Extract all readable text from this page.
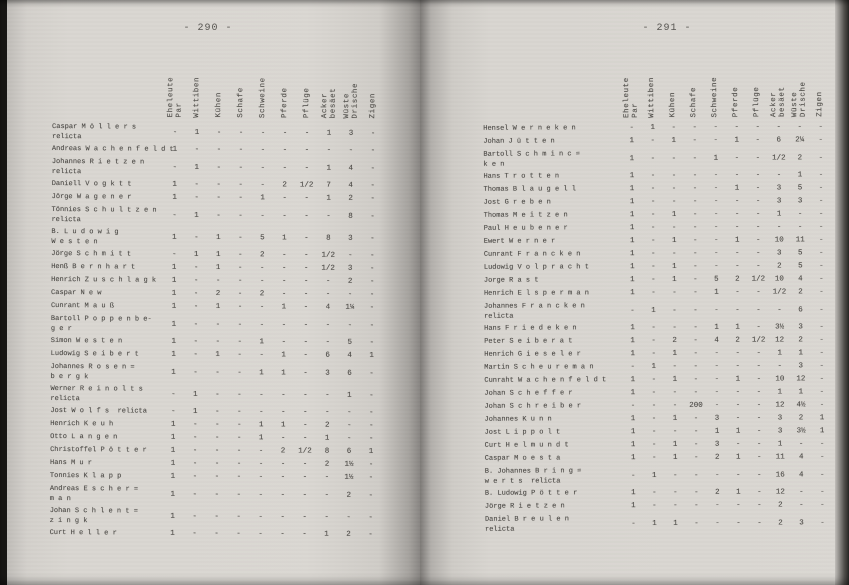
- 290 -
Eheleute
Par Wittiben Kühen Schafe Schweine Pferde Pflüge Acker
besäet Wüste
Drische Zigen
Caspar M ö l l e r s
relicta	-	1	-	-	-	-	-	1	3	-
Andreas W a c h e n f e l d t
1	-	-	-	-	-	-	-	-	-
Johannes R i e t z e n
relicta	-	1	-	-	-	-	-	1	4	-
Daniell V o g k t t	1	-	-	-	-	2	1/2	7	4	-
Jörge W a g e n e r	1	-	-	-	1	-	-	1	2	-
Tönnies S c h u l t z e n
relicta	-	1	-	-	-	-	-	-	8	-
B. L u d o w i g
W e s t e n	1	-	1	-	5	1	-	8	3	-
Jörge S c h m i t t	-	1	1	-	2	-	-	1/2	-	-
Henß B e r n h a r t	1	-	1	-	-	-	-	1/2	3	-
Henrich Z u s c h l a g k	1	-	-	-	-	-	-	-	2	-
Caspar N e w	1	-	2	-	2	-	-	-	-	-
Cunrant M a u ß	1	-	1	-	-	1	-	4	1¼	-
Bartoll P o p p e n b e-
g e r	1	-	-	-	-	-	-	-	-	-
Simon W e s t e n	1	-	-	-	1	-	-	-	5	-
Ludowig S e i b e r t	1	-	1	-	-	1	-	6	4	1
Johannes R o s e n =
b e r g k	1	-	-	-	1	1	-	3	6	-
Werner R e i n o l t s
relicta	-	1	-	-	-	-	-	-	1	-
Jost W o l f s  relicta	-	1	-	-	-	-	-	-	-	-
Henrich K e u h	1	-	-	-	1	1	-	2	-	-
Otto L a n g e n	1	-	-	-	1	-	-	1	-	-
Christoffel P ö t t e r	1	-	-	-	-	2	1/2	8	6	1
Hans M u r	1	-	-	-	-	-	-	2	1½	-
Tonnies K l a p p	1	-	-	-	-	-	-	-	1½	-
Andreas E s c h e r =
m a n	1	-	-	-	-	-	-	-	2	-
Johan S c h l e n t =
z i n g k	1	-	-	-	-	-	-	-	-	-
Curt H e l l e r	1	-	-	-	-	-	-	1	2	-
- 291 -
Eheleute
Par Wittiben Kühen Schafe Schweine Pferde Pflüge Acker
besäet Wüste
Drische Zigen
Hensel W e r n e k e n	-	1	-	-	-	-	-	-	-	-
Johan J ü t t e n	1	-	1	-	-	1	-	6	2¼	-
Bartoll S c h m i n c =
k e n
1	-	-	-	1	-	-	1/2	2	-
Hans T r o t t e n	1	-	-	-	-	-	-	-	1	-
Thomas B l a u g e l l	1	-	-	-	-	1	-	3	5	-
Jost G r e b e n	1	-	-	-	-	-	-	3	3	-
Thomas M e i t z e n	1	-	1	-	-	-	-	1	-	-
Paul H e u b e n e r	1	-	-	-	-	-	-	-	-	-
Ewert W e r n e r	1	-	1	-	-	1	-	10	11	-
Cunrant F r a n c k e n	1	-	-	-	-	-	-	3	5	-
Ludowig V o l p r a c h t	1	-	1	-	-	-	-	2	5	-
Jorge R a s t	1	-	1	-	5	2	1/2	10	4	-
Henrich E l s p e r m a n	1	-	-	-	1	-	-	1/2	2	-
Johannes F r a n c k e n
relicta
-	1	-	-	-	-	-	-	6	-
Hans F r i e d e k e n	1	-	-	-	1	1	-	3½	3	-
Peter S e i b e r a t	1	-	2	-	4	2	1/2	12	2	-
Henrich G i e s e l e r	1	-	1	-	-	-	-	1	1	-
Martin S c h e u r e m a n	-	1	-	-	-	-	-	-	3	-
Cunraht W a c h e n f e l d t	1	-	1	-	-	1	-	10	12	-
Johan S c h e f f e r	1	-	-	-	-	-	-	1	1	-
Johan S c h r e i b e r	-	-	-	200	-	-	-	12	4½	-
Johannes K u n n	1	-	1	-	3	-	-	3	2	1
Jost L i p p o l t	1	-	-	-	1	1	-	3	3½	1
Curt H e l m u n d t	1	-	1	-	3	-	-	1	-	-
Caspar M o e s t a	1	-	1	-	2	1	-	11	4	-
B. Johannes B r i n g =
w e r t s  relicta
-	1	-	-	-	-	-	16	4	-
B. Ludowig P ö t t e r	1	-	-	-	2	1	-	12	-	-
Jörge R i e t z e n	1	-	-	-	-	-	-	2	-	-
Daniel B r e u l e n
relicta
-	1	1	-	-	-	-	2	3	-
